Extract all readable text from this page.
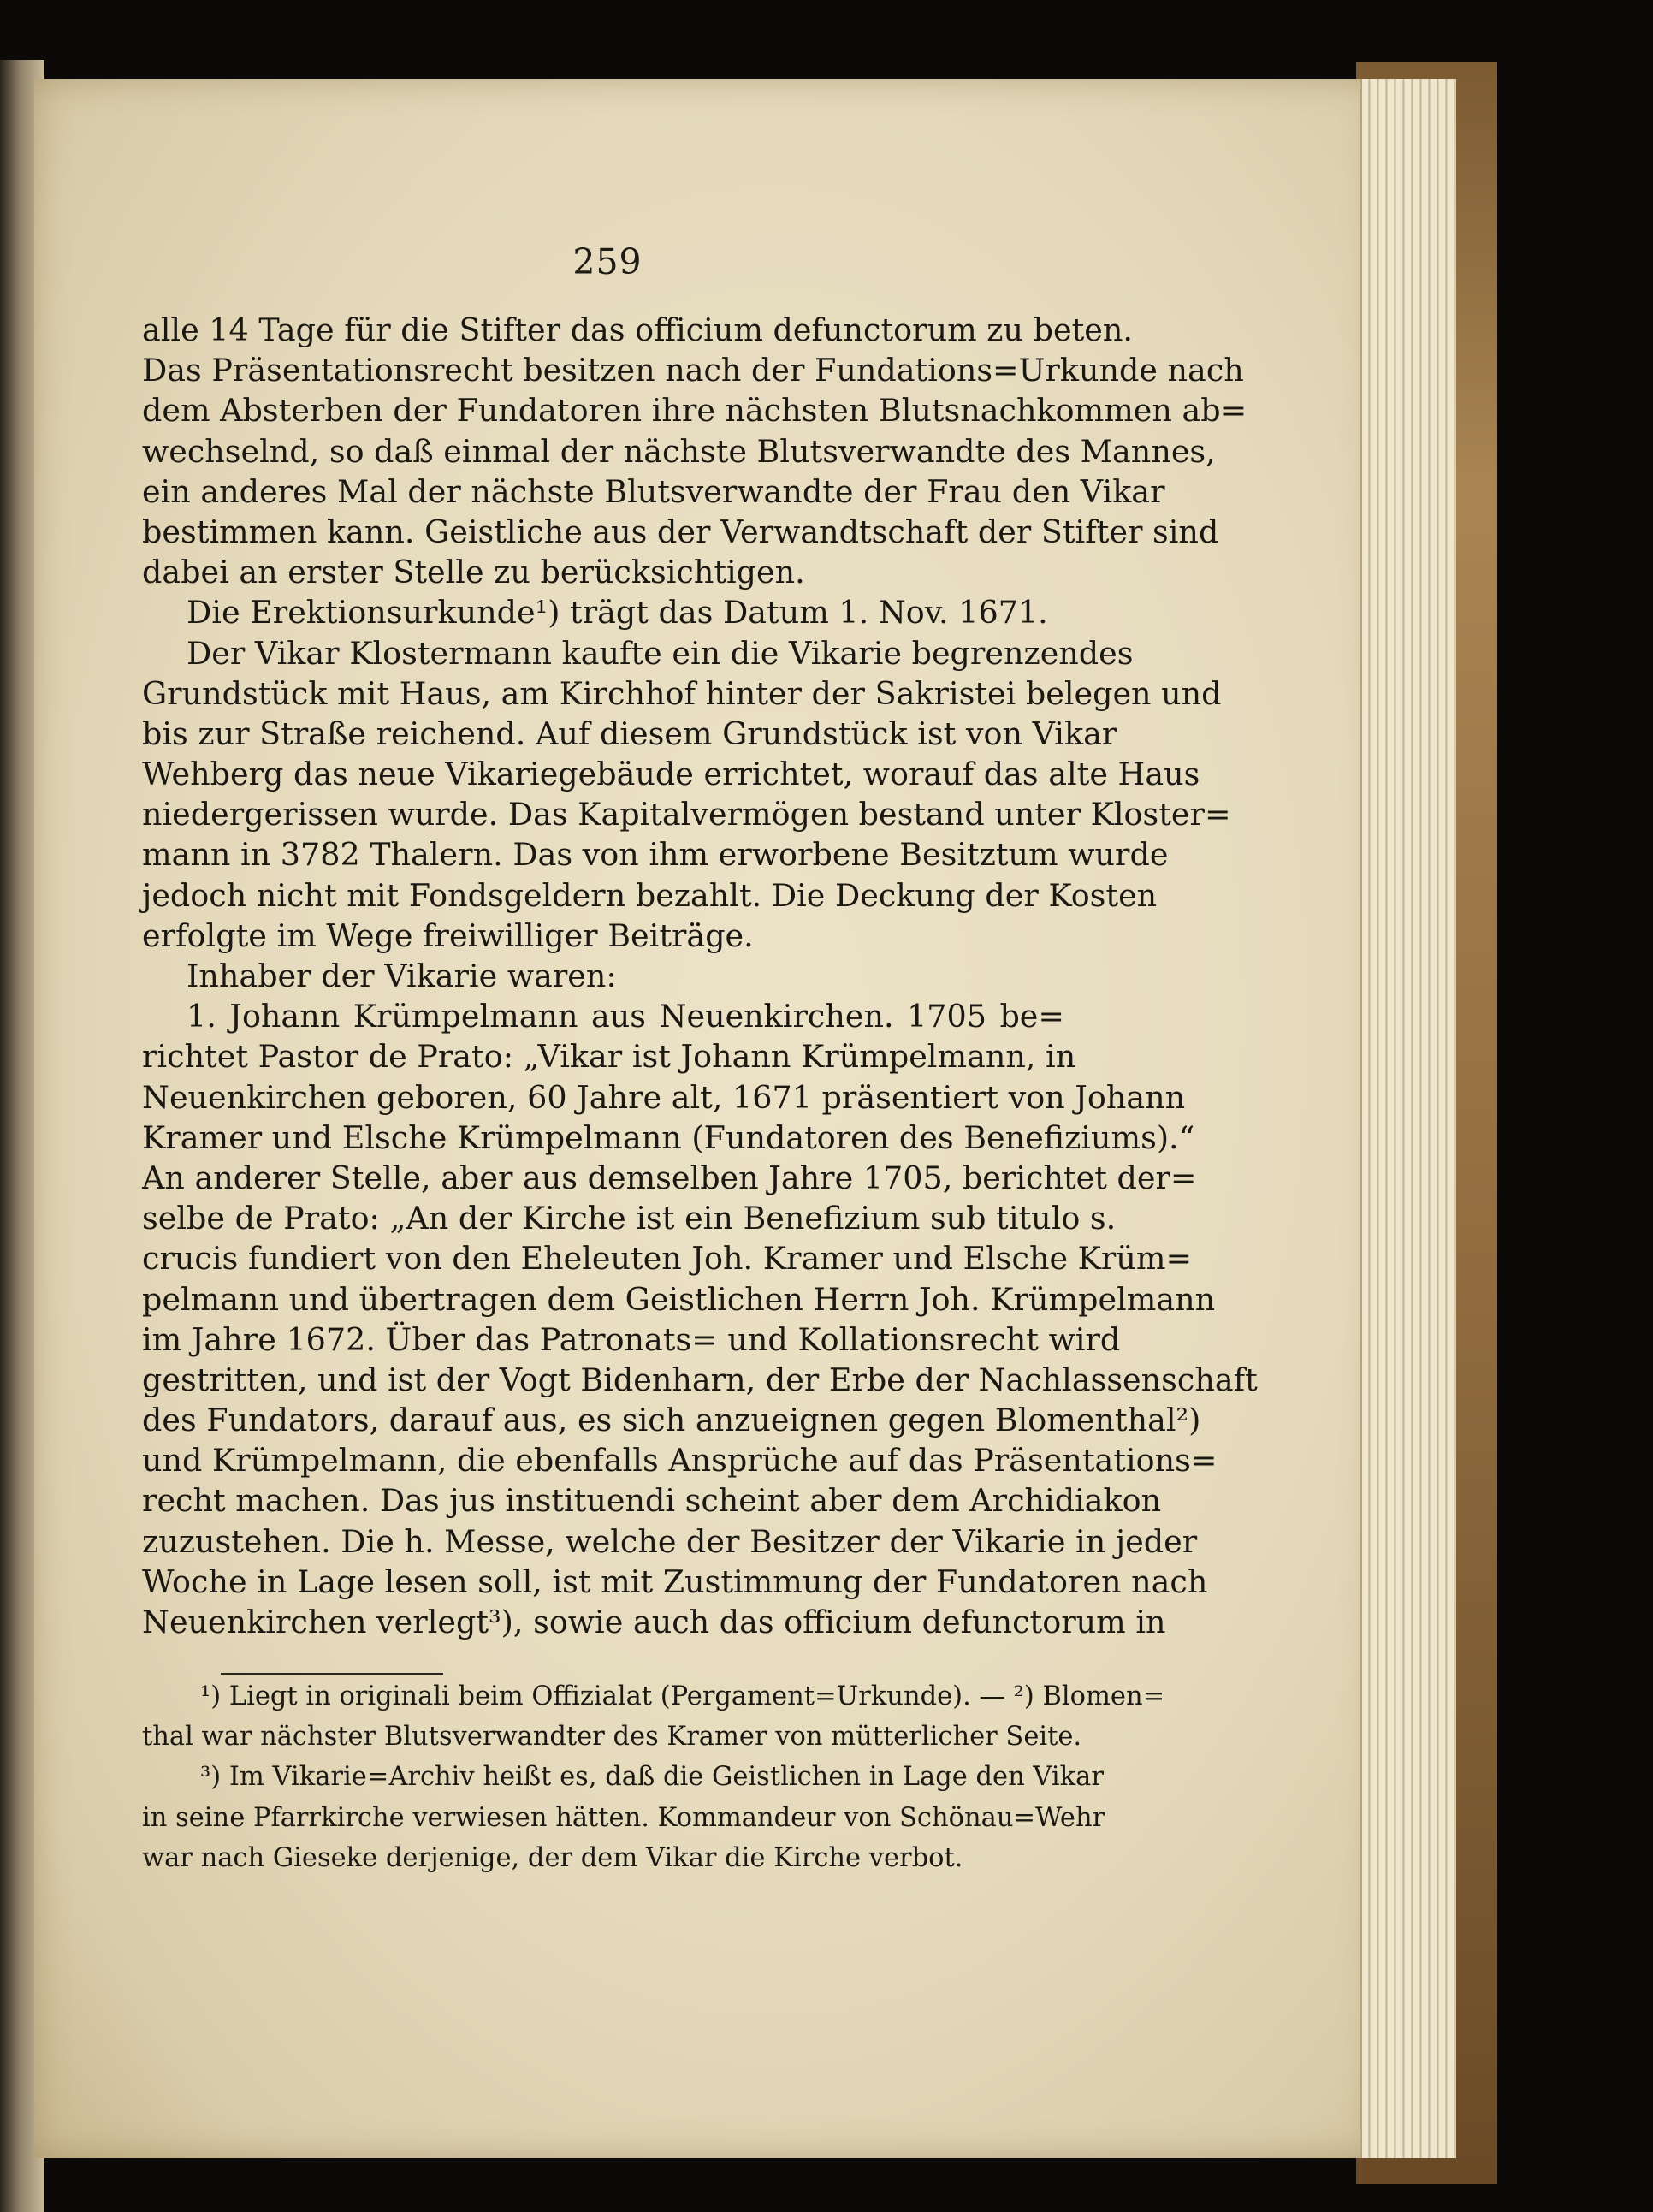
259
alle 14 Tage für die Stifter das officium defunctorum zu beten.
Das Präsentationsrecht besitzen nach der Fundations=Urkunde nach
dem Absterben der Fundatoren ihre nächsten Blutsnachkommen ab=
wechselnd, so daß einmal der nächste Blutsverwandte des Mannes,
ein anderes Mal der nächste Blutsverwandte der Frau den Vikar
bestimmen kann. Geistliche aus der Verwandtschaft der Stifter sind
dabei an erster Stelle zu berücksichtigen.
Die Erektionsurkunde¹) trägt das Datum 1. Nov. 1671.
Der Vikar Klostermann kaufte ein die Vikarie begrenzendes
Grundstück mit Haus, am Kirchhof hinter der Sakristei belegen und
bis zur Straße reichend. Auf diesem Grundstück ist von Vikar
Wehberg das neue Vikariegebäude errichtet, worauf das alte Haus
niedergerissen wurde. Das Kapitalvermögen bestand unter Kloster=
mann in 3782 Thalern. Das von ihm erworbene Besitztum wurde
jedoch nicht mit Fondsgeldern bezahlt. Die Deckung der Kosten
erfolgte im Wege freiwilliger Beiträge.
Inhaber der Vikarie waren:
1. Johann Krümpelmann aus Neuenkirchen. 1705 be=
richtet Pastor de Prato: „Vikar ist Johann Krümpelmann, in
Neuenkirchen geboren, 60 Jahre alt, 1671 präsentiert von Johann
Kramer und Elsche Krümpelmann (Fundatoren des Benefiziums).“
An anderer Stelle, aber aus demselben Jahre 1705, berichtet der=
selbe de Prato: „An der Kirche ist ein Benefizium sub titulo s.
crucis fundiert von den Eheleuten Joh. Kramer und Elsche Krüm=
pelmann und übertragen dem Geistlichen Herrn Joh. Krümpelmann
im Jahre 1672. Über das Patronats= und Kollationsrecht wird
gestritten, und ist der Vogt Bidenharn, der Erbe der Nachlassenschaft
des Fundators, darauf aus, es sich anzueignen gegen Blomenthal²)
und Krümpelmann, die ebenfalls Ansprüche auf das Präsentations=
recht machen. Das jus instituendi scheint aber dem Archidiakon
zuzustehen. Die h. Messe, welche der Besitzer der Vikarie in jeder
Woche in Lage lesen soll, ist mit Zustimmung der Fundatoren nach
Neuenkirchen verlegt³), sowie auch das officium defunctorum in
¹) Liegt in originali beim Offizialat (Pergament=Urkunde). — ²) Blomen=
thal war nächster Blutsverwandter des Kramer von mütterlicher Seite.
³) Im Vikarie=Archiv heißt es, daß die Geistlichen in Lage den Vikar
in seine Pfarrkirche verwiesen hätten. Kommandeur von Schönau=Wehr
war nach Gieseke derjenige, der dem Vikar die Kirche verbot.
